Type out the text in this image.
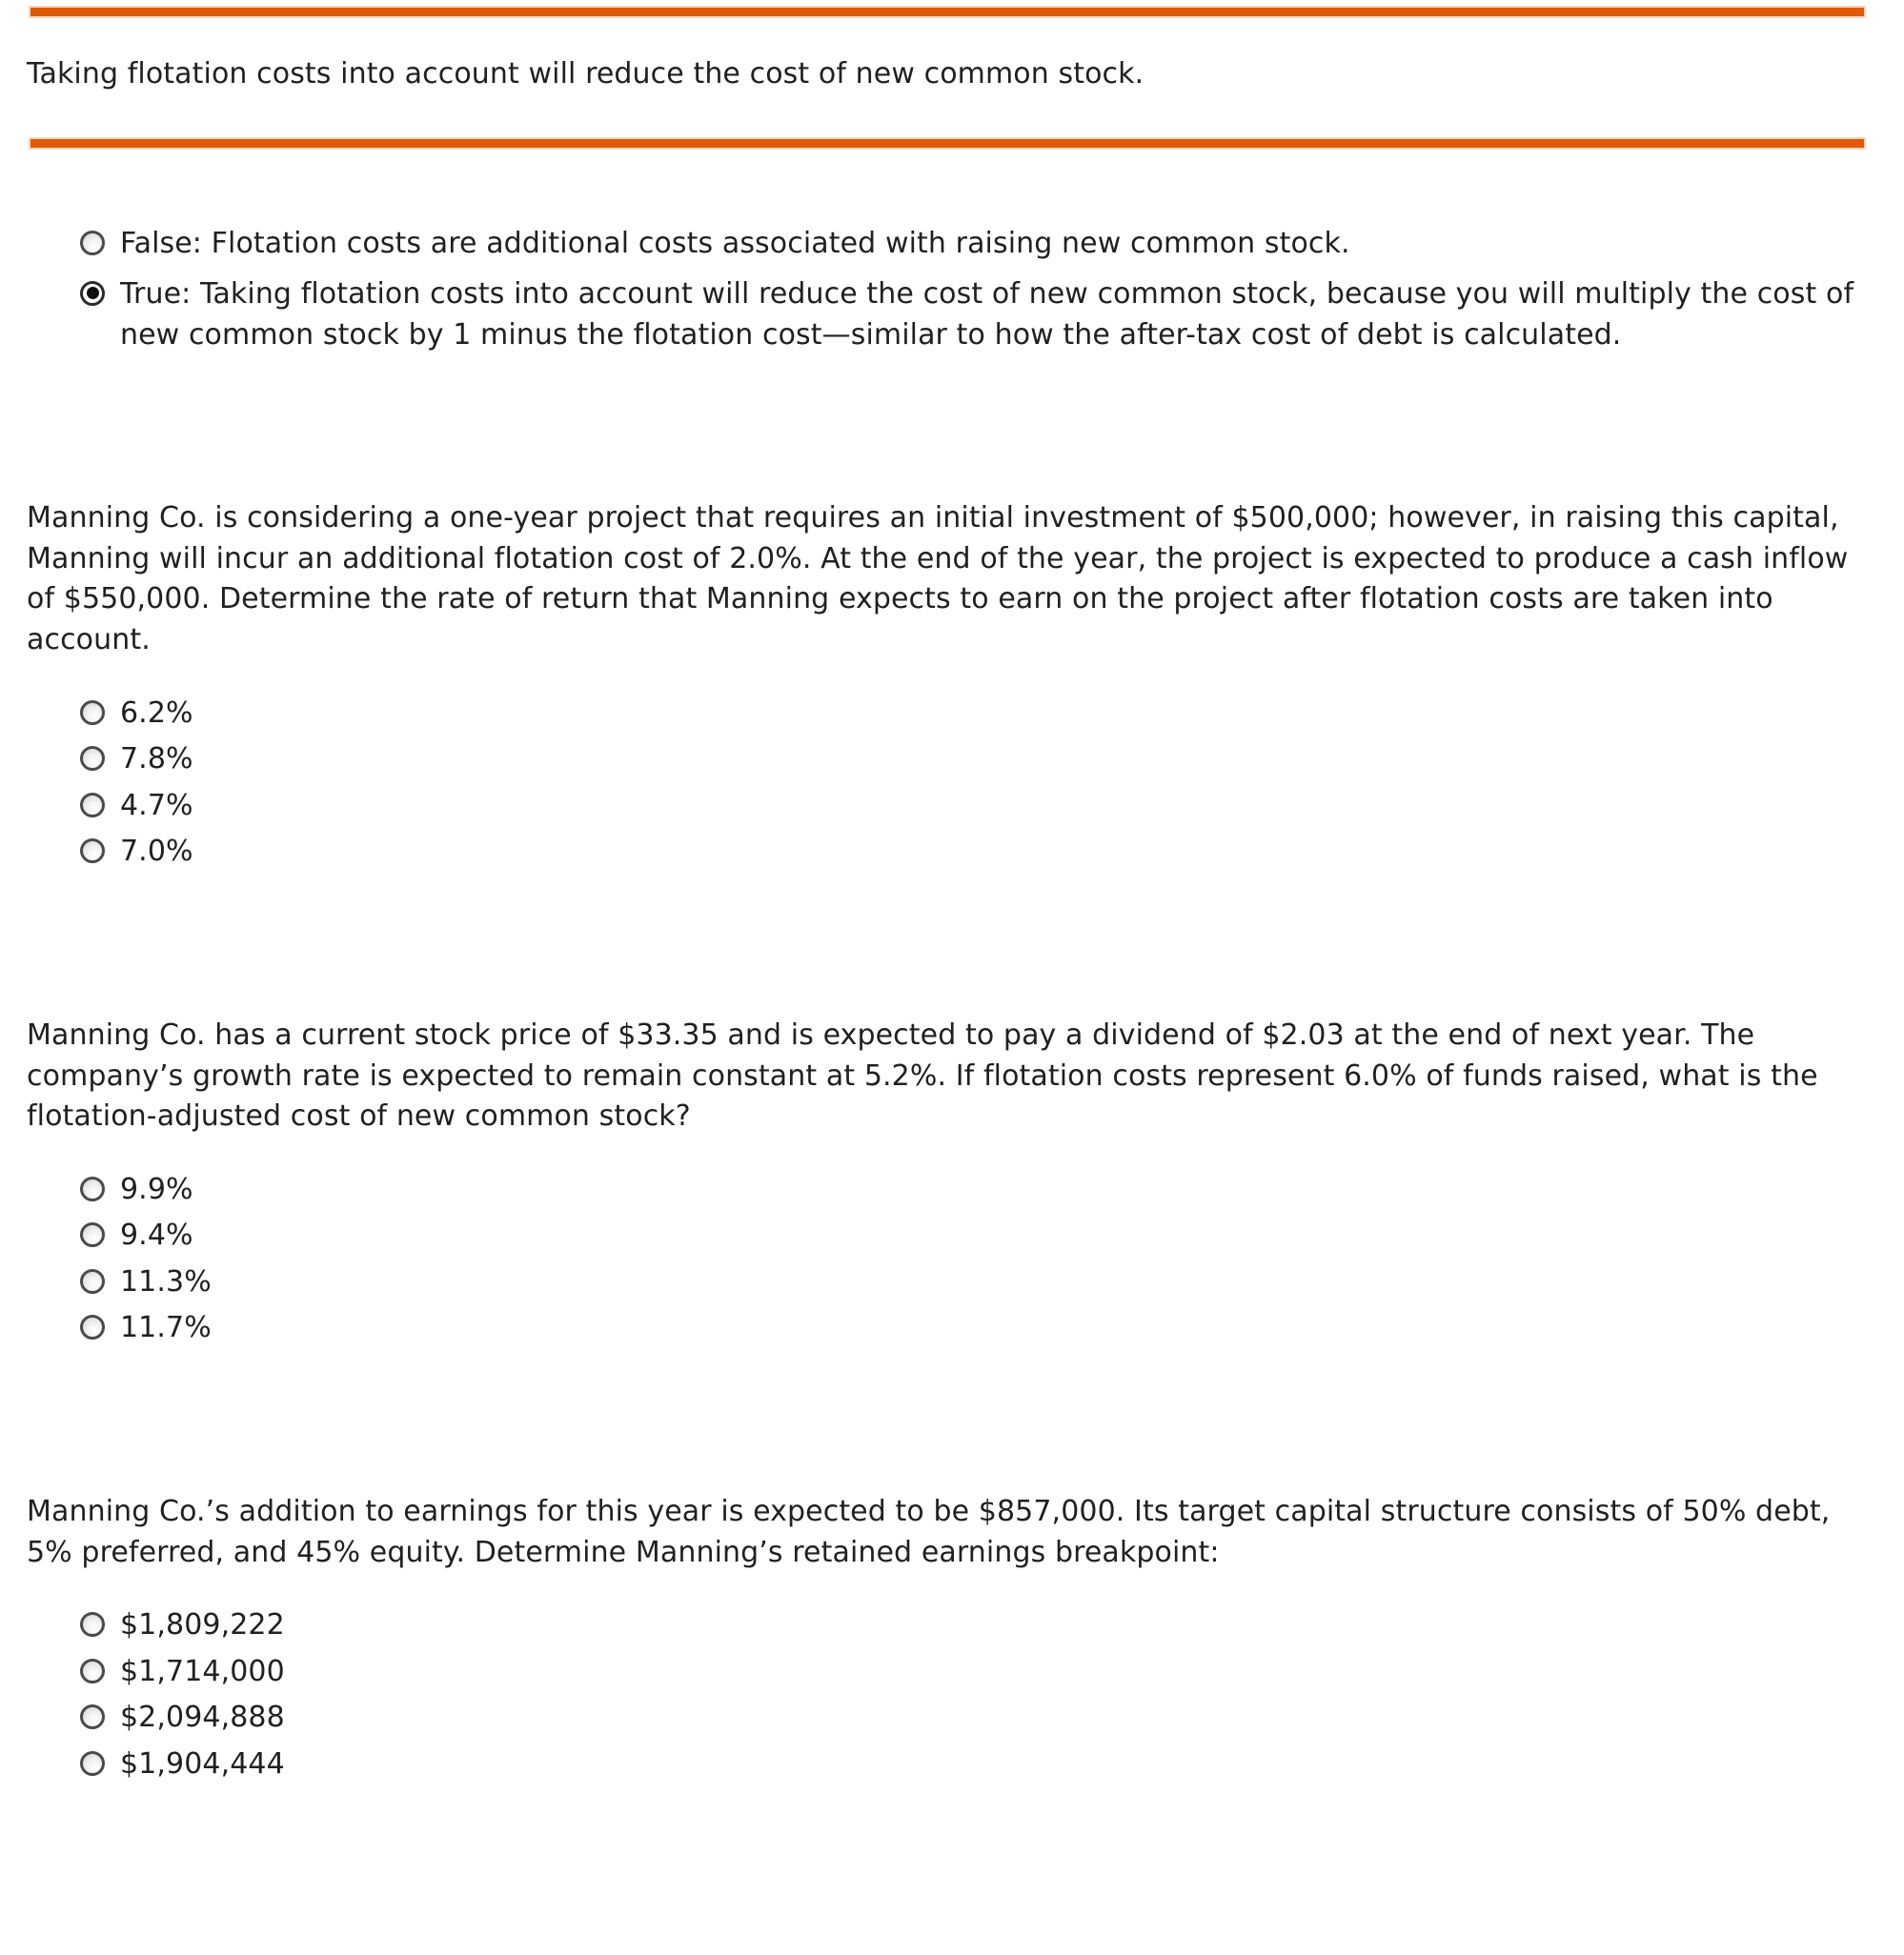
Taking flotation costs into account will reduce the cost of new common stock.

False: Flotation costs are additional costs associated with raising new common stock.
True: Taking flotation costs into account will reduce the cost of new common stock, because you will multiply the cost of new common stock by 1 minus the flotation cost—similar to how the after-tax cost of debt is calculated.

Manning Co. is considering a one-year project that requires an initial investment of $500,000; however, in raising this capital, Manning will incur an additional flotation cost of 2.0%. At the end of the year, the project is expected to produce a cash inflow of $550,000. Determine the rate of return that Manning expects to earn on the project after flotation costs are taken into account.

6.2%
7.8%
4.7%
7.0%

Manning Co. has a current stock price of $33.35 and is expected to pay a dividend of $2.03 at the end of next year. The company’s growth rate is expected to remain constant at 5.2%. If flotation costs represent 6.0% of funds raised, what is the flotation-adjusted cost of new common stock?

9.9%
9.4%
11.3%
11.7%

Manning Co.’s addition to earnings for this year is expected to be $857,000. Its target capital structure consists of 50% debt, 5% preferred, and 45% equity. Determine Manning’s retained earnings breakpoint:

$1,809,222
$1,714,000
$2,094,888
$1,904,444
